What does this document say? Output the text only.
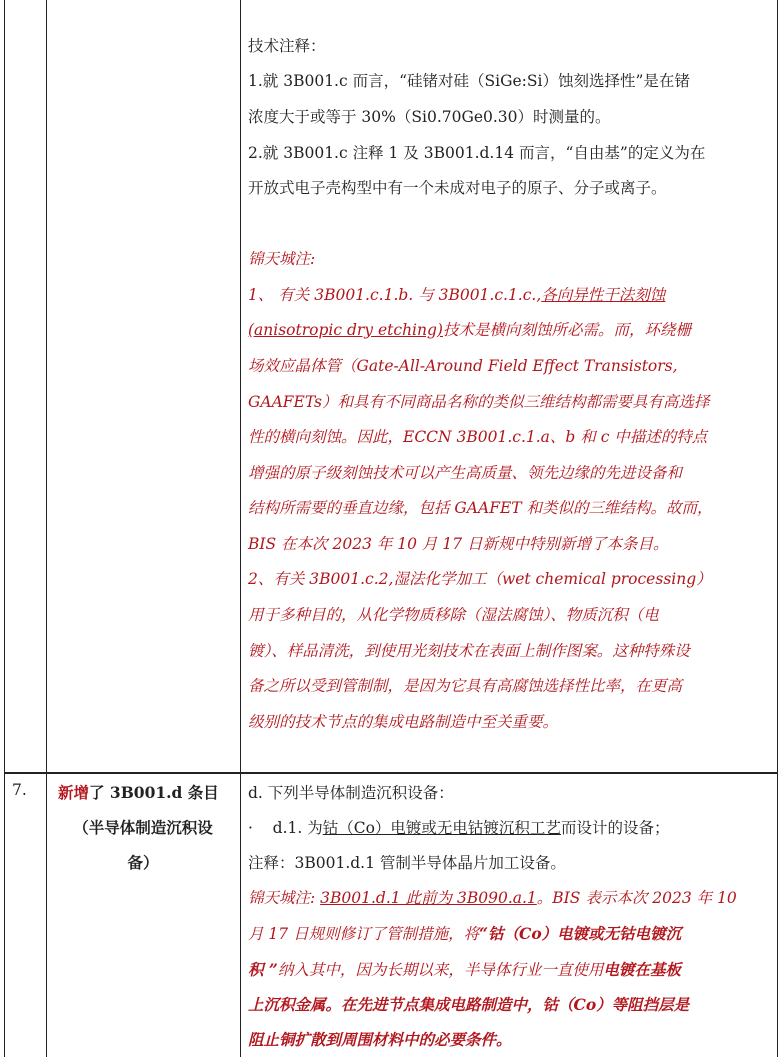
技术注释：
1.就 3B001.c 而言，“硅锗对硅（SiGe:Si）蚀刻选择性”是在锗
浓度大于或等于 30%（Si0.70Ge0.30）时测量的。
2.就 3B001.c 注释 1 及 3B001.d.14 而言，“自由基”的定义为在
开放式电子壳构型中有一个未成对电子的原子、分子或离子。
锦天城注:
1、 有关 3B001.c.1.b. 与 3B001.c.1.c.,各向异性干法刻蚀
(anisotropic dry etching)技术是横向刻蚀所必需。而，环绕栅
场效应晶体管（Gate-All-Around Field Effect Transistors,
GAAFETs）和具有不同商品名称的类似三维结构都需要具有高选择
性的横向刻蚀。因此，ECCN 3B001.c.1.a、b 和 c 中描述的特点
增强的原子级刻蚀技术可以产生高质量、领先边缘的先进设备和
结构所需要的垂直边缘，包括 GAAFET 和类似的三维结构。故而，
BIS 在本次 2023 年 10 月 17 日新规中特别新增了本条目。
2、有关 3B001.c.2,湿法化学加工（wet chemical processing）
用于多种目的，从化学物质移除（湿法腐蚀）、物质沉积（电
镀）、样品清洗，到使用光刻技术在表面上制作图案。这种特殊设
备之所以受到管制制，是因为它具有高腐蚀选择性比率，在更高
级别的技术节点的集成电路制造中至关重要。
7. 新增了 3B001.d 条目
（半导体制造沉积设
备）
d. 下列半导体制造沉积设备：
· d.1. 为钴（Co）电镀或无电钴镀沉积工艺而设计的设备；
注释：3B001.d.1 管制半导体晶片加工设备。
锦天城注: 3B001.d.1 此前为 3B090.a.1。BIS 表示本次 2023 年 10
月 17 日规则修订了管制措施，将“钴（Co）电镀或无钴电镀沉
积 ”纳入其中，因为长期以来，半导体行业一直使用电镀在基板
上沉积金属。在先进节点集成电路制造中，钴（Co）等阻挡层是
阻止铜扩散到周围材料中的必要条件。
